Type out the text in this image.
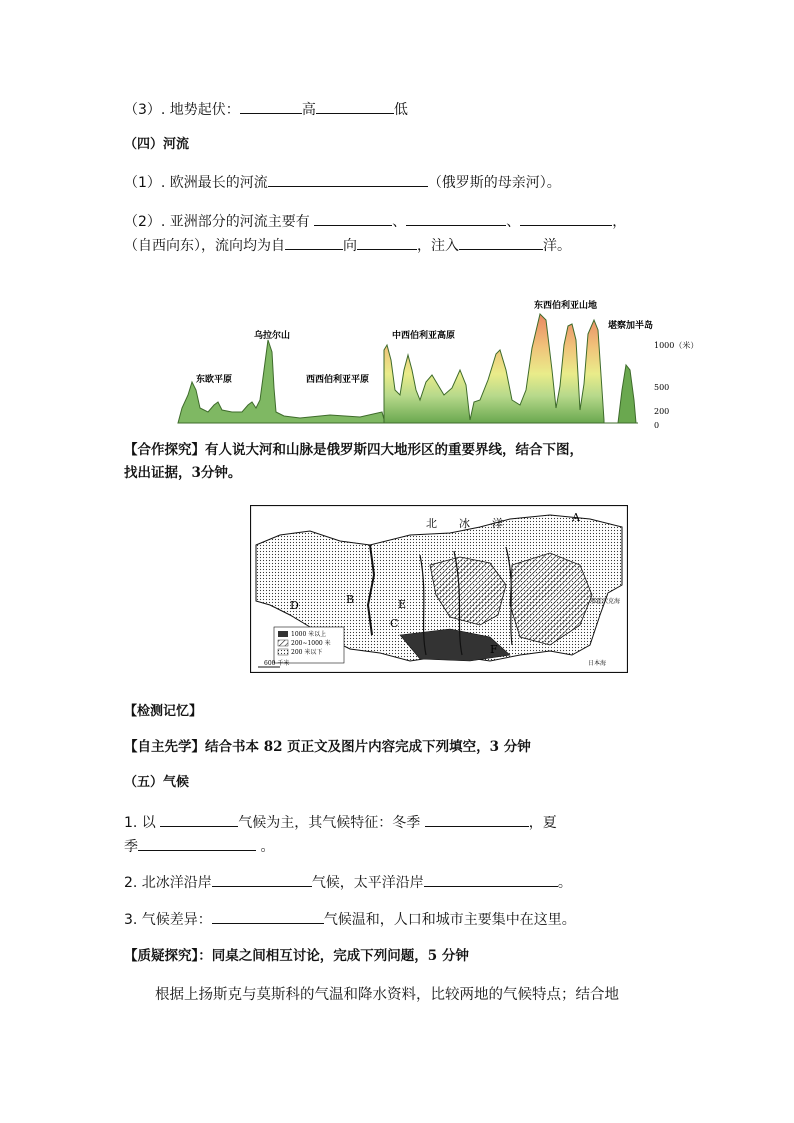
（3）. 地势起伏：	高	低
（四）河流
（1）. 欧洲最长的河流	（俄罗斯的母亲河）。
（2）. 亚洲部分的河流主要有	、	、	，
（自西向东），流向均为自	向	，注入	洋。
东欧平原
乌拉尔山
西西伯利亚平原
中西伯利亚高原
东西伯利亚山地
堪察加半岛
1000（米）
500
200
0
【合作探究】有人说大河和山脉是俄罗斯四大地形区的重要界线，结合下图，
找出证据，3分钟。
北　　冰　　洋	A
B
C
D	E
F
鄂霍次克海
日本海
1000 米以上
200~1000 米
200 米以下
600 千米
【检测记忆】
【自主先学】结合书本 82 页正文及图片内容完成下列填空，3 分钟
（五）气候
1. 以	气候为主，其气候特征：冬季	，夏
季	。
2. 北冰洋沿岸	气候，太平洋沿岸	。
3. 气候差异：	气候温和，人口和城市主要集中在这里。
【质疑探究】：同桌之间相互讨论，完成下列问题，5 分钟
根据上扬斯克与莫斯科的气温和降水资料，比较两地的气候特点；结合地
